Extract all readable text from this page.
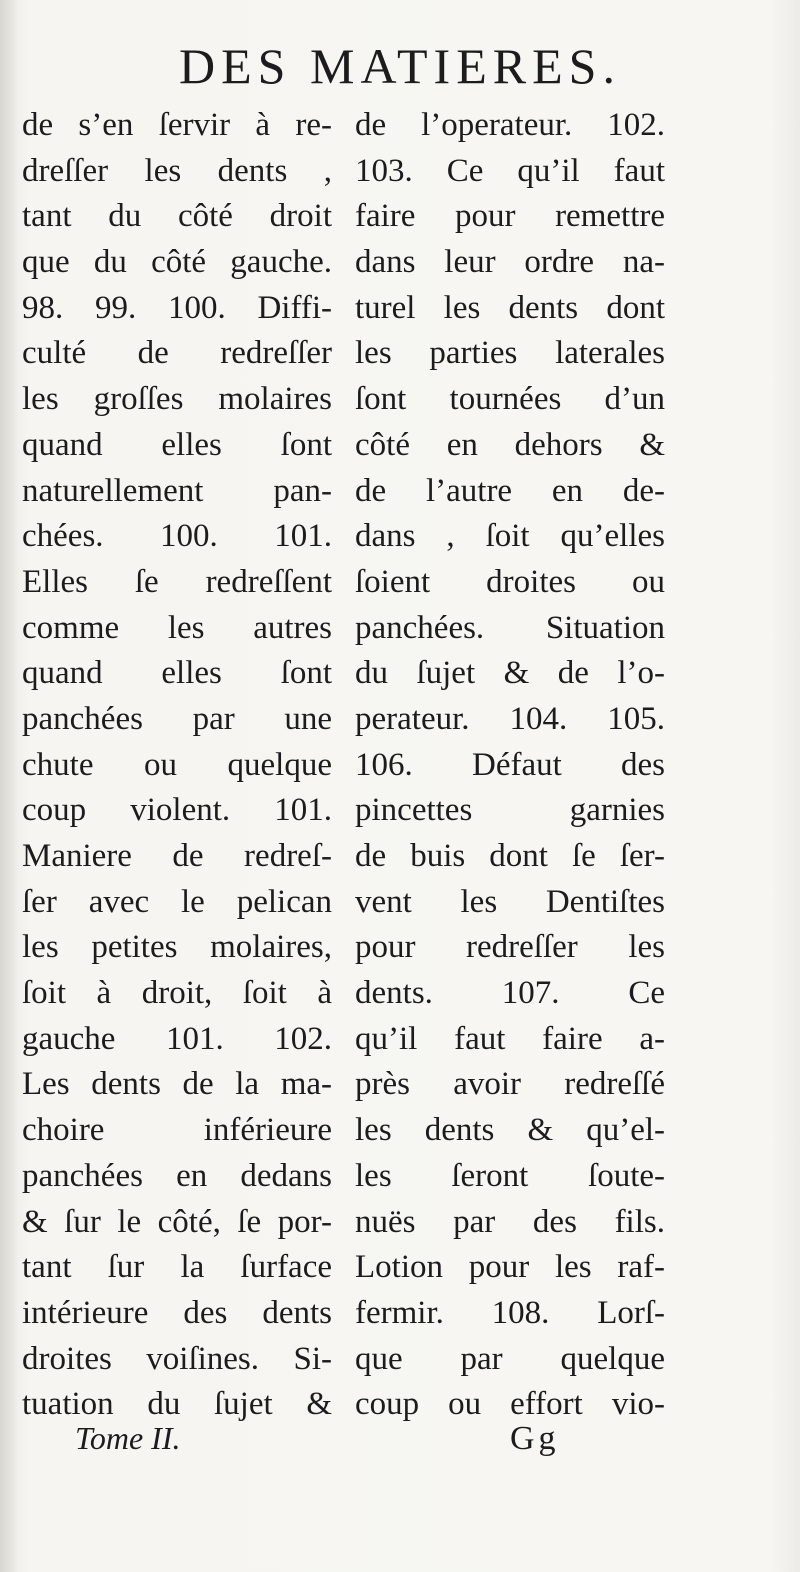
DES MATIERES.
de s’en ſervir à re-
dreſſer les dents ,
tant du côté droit
que du côté gauche.
98. 99. 100. Diffi-
culté de redreſſer
les groſſes molaires
quand elles ſont
naturellement pan-
chées. 100. 101.
Elles ſe redreſſent
comme les autres
quand elles ſont
panchées par une
chute ou quelque
coup violent. 101.
Maniere de redreſ-
ſer avec le pelican
les petites molaires,
ſoit à droit, ſoit à
gauche 101. 102.
Les dents de la ma-
choire inférieure
panchées en dedans
& ſur le côté, ſe por-
tant ſur la ſurface
intérieure des dents
droites voiſines. Si-
tuation du ſujet &
de l’operateur. 102.
103. Ce qu’il faut
faire pour remettre
dans leur ordre na-
turel les dents dont
les parties laterales
ſont tournées d’un
côté en dehors &
de l’autre en de-
dans , ſoit qu’elles
ſoient droites ou
panchées. Situation
du ſujet & de l’o-
perateur. 104. 105.
106. Défaut des
pincettes garnies
de buis dont ſe ſer-
vent les Dentiſtes
pour redreſſer les
dents. 107. Ce
qu’il faut faire a-
près avoir redreſſé
les dents & qu’el-
les ſeront ſoute-
nuës par des fils.
Lotion pour les raf-
fermir. 108. Lorſ-
que par quelque
coup ou effort vio-
Tome II.	Gg
